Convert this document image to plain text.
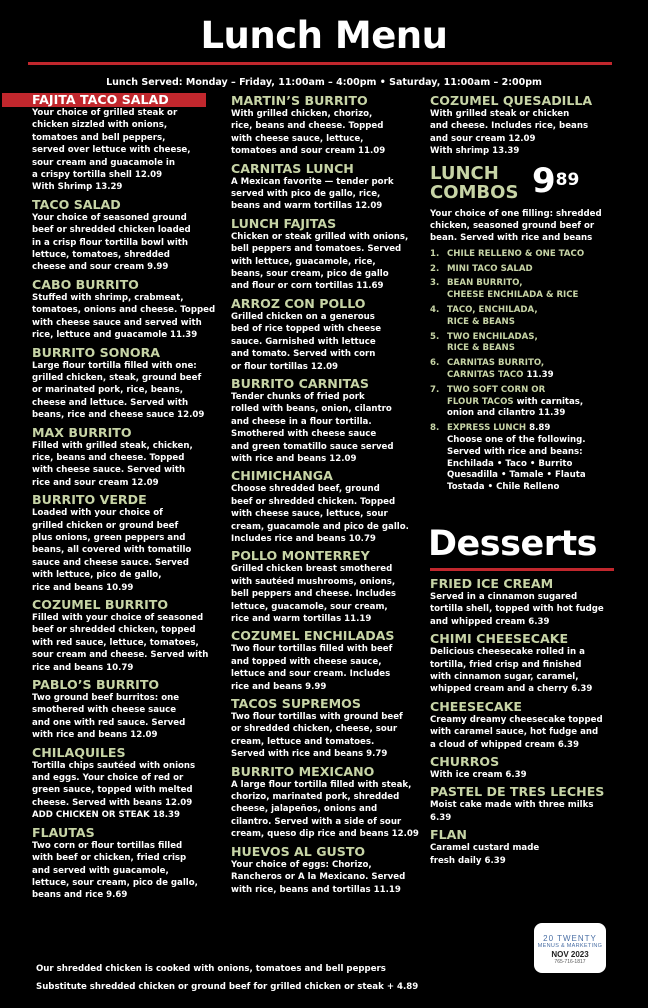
Lunch Menu
Lunch Served: Monday – Friday, 11:00am – 4:00pm • Saturday, 11:00am – 2:00pm
FAJITA TACO SALAD
Your choice of grilled steak or
chicken sizzled with onions,
tomatoes and bell peppers,
served over lettuce with cheese,
sour cream and guacamole in
a crispy tortilla shell 12.09
With Shrimp 13.29
TACO SALAD
Your choice of seasoned ground
beef or shredded chicken loaded
in a crisp flour tortilla bowl with
lettuce, tomatoes, shredded
cheese and sour cream 9.99
CABO BURRITO
Stuffed with shrimp, crabmeat,
tomatoes, onions and cheese. Topped
with cheese sauce and served with
rice, lettuce and guacamole 11.39
BURRITO SONORA
Large flour tortilla filled with one:
grilled chicken, steak, ground beef
or marinated pork, rice, beans,
cheese and lettuce. Served with
beans, rice and cheese sauce 12.09
MAX BURRITO
Filled with grilled steak, chicken,
rice, beans and cheese. Topped
with cheese sauce. Served with
rice and sour cream 12.09
BURRITO VERDE
Loaded with your choice of
grilled chicken or ground beef
plus onions, green peppers and
beans, all covered with tomatillo
sauce and cheese sauce. Served
with lettuce, pico de gallo,
rice and beans 10.99
COZUMEL BURRITO
Filled with your choice of seasoned
beef or shredded chicken, topped
with red sauce, lettuce, tomatoes,
sour cream and cheese. Served with
rice and beans 10.79
PABLO’S BURRITO
Two ground beef burritos: one
smothered with cheese sauce
and one with red sauce. Served
with rice and beans 12.09
CHILAQUILES
Tortilla chips sautéed with onions
and eggs. Your choice of red or
green sauce, topped with melted
cheese. Served with beans 12.09
ADD CHICKEN OR STEAK 18.39
FLAUTAS
Two corn or flour tortillas filled
with beef or chicken, fried crisp
and served with guacamole,
lettuce, sour cream, pico de gallo,
beans and rice 9.69
MARTIN’S BURRITO
With grilled chicken, chorizo,
rice, beans and cheese. Topped
with cheese sauce, lettuce,
tomatoes and sour cream 11.09
CARNITAS LUNCH
A Mexican favorite — tender pork
served with pico de gallo, rice,
beans and warm tortillas 12.09
LUNCH FAJITAS
Chicken or steak grilled with onions,
bell peppers and tomatoes. Served
with lettuce, guacamole, rice,
beans, sour cream, pico de gallo
and flour or corn tortillas 11.69
ARROZ CON POLLO
Grilled chicken on a generous
bed of rice topped with cheese
sauce. Garnished with lettuce
and tomato. Served with corn
or flour tortillas 12.09
BURRITO CARNITAS
Tender chunks of fried pork
rolled with beans, onion, cilantro
and cheese in a flour tortilla.
Smothered with cheese sauce
and green tomatillo sauce served
with rice and beans 12.09
CHIMICHANGA
Choose shredded beef, ground
beef or shredded chicken. Topped
with cheese sauce, lettuce, sour
cream, guacamole and pico de gallo.
Includes rice and beans 10.79
POLLO MONTERREY
Grilled chicken breast smothered
with sautéed mushrooms, onions,
bell peppers and cheese. Includes
lettuce, guacamole, sour cream,
rice and warm tortillas 11.19
COZUMEL ENCHILADAS
Two flour tortillas filled with beef
and topped with cheese sauce,
lettuce and sour cream. Includes
rice and beans 9.99
TACOS SUPREMOS
Two flour tortillas with ground beef
or shredded chicken, cheese, sour
cream, lettuce and tomatoes.
Served with rice and beans 9.79
BURRITO MEXICANO
A large flour tortilla filled with steak,
chorizo, marinated pork, shredded
cheese, jalapeños, onions and
cilantro. Served with a side of sour
cream, queso dip rice and beans 12.09
HUEVOS AL GUSTO
Your choice of eggs: Chorizo,
Rancheros or A la Mexicano. Served
with rice, beans and tortillas 11.19
COZUMEL QUESADILLA
With grilled steak or chicken
and cheese. Includes rice, beans
and sour cream 12.09
With shrimp 13.39
LUNCH
COMBOS $9^{89}$
Your choice of one filling: shredded
chicken, seasoned ground beef or
bean. Served with rice and beans
1. CHILE RELLENO & ONE TACO
2. MINI TACO SALAD
3. BEAN BURRITO,
CHEESE ENCHILADA & RICE
4. TACO, ENCHILADA,
RICE & BEANS
5. TWO ENCHILADAS,
RICE & BEANS
6. CARNITAS BURRITO,
CARNITAS TACO 11.39
7. TWO SOFT CORN OR
FLOUR TACOS with carnitas,
onion and cilantro 11.39
8. EXPRESS LUNCH 8.89
Choose one of the following.
Served with rice and beans:
Enchilada • Taco • Burrito
Quesadilla • Tamale • Flauta
Tostada • Chile Relleno
Desserts
FRIED ICE CREAM
Served in a cinnamon sugared
tortilla shell, topped with hot fudge
and whipped cream 6.39
CHIMI CHEESECAKE
Delicious cheesecake rolled in a
tortilla, fried crisp and finished
with cinnamon sugar, caramel,
whipped cream and a cherry 6.39
CHEESECAKE
Creamy dreamy cheesecake topped
with caramel sauce, hot fudge and
a cloud of whipped cream 6.39
CHURROS
With ice cream 6.39
PASTEL DE TRES LECHES
Moist cake made with three milks 6.39
FLAN
Caramel custard made
fresh daily 6.39
Our shredded chicken is cooked with onions, tomatoes and bell peppers
Substitute shredded chicken or ground beef for grilled chicken or steak + 4.89
20 TWENTY
MENUS & MARKETING
NOV 2023
765-716-1817
